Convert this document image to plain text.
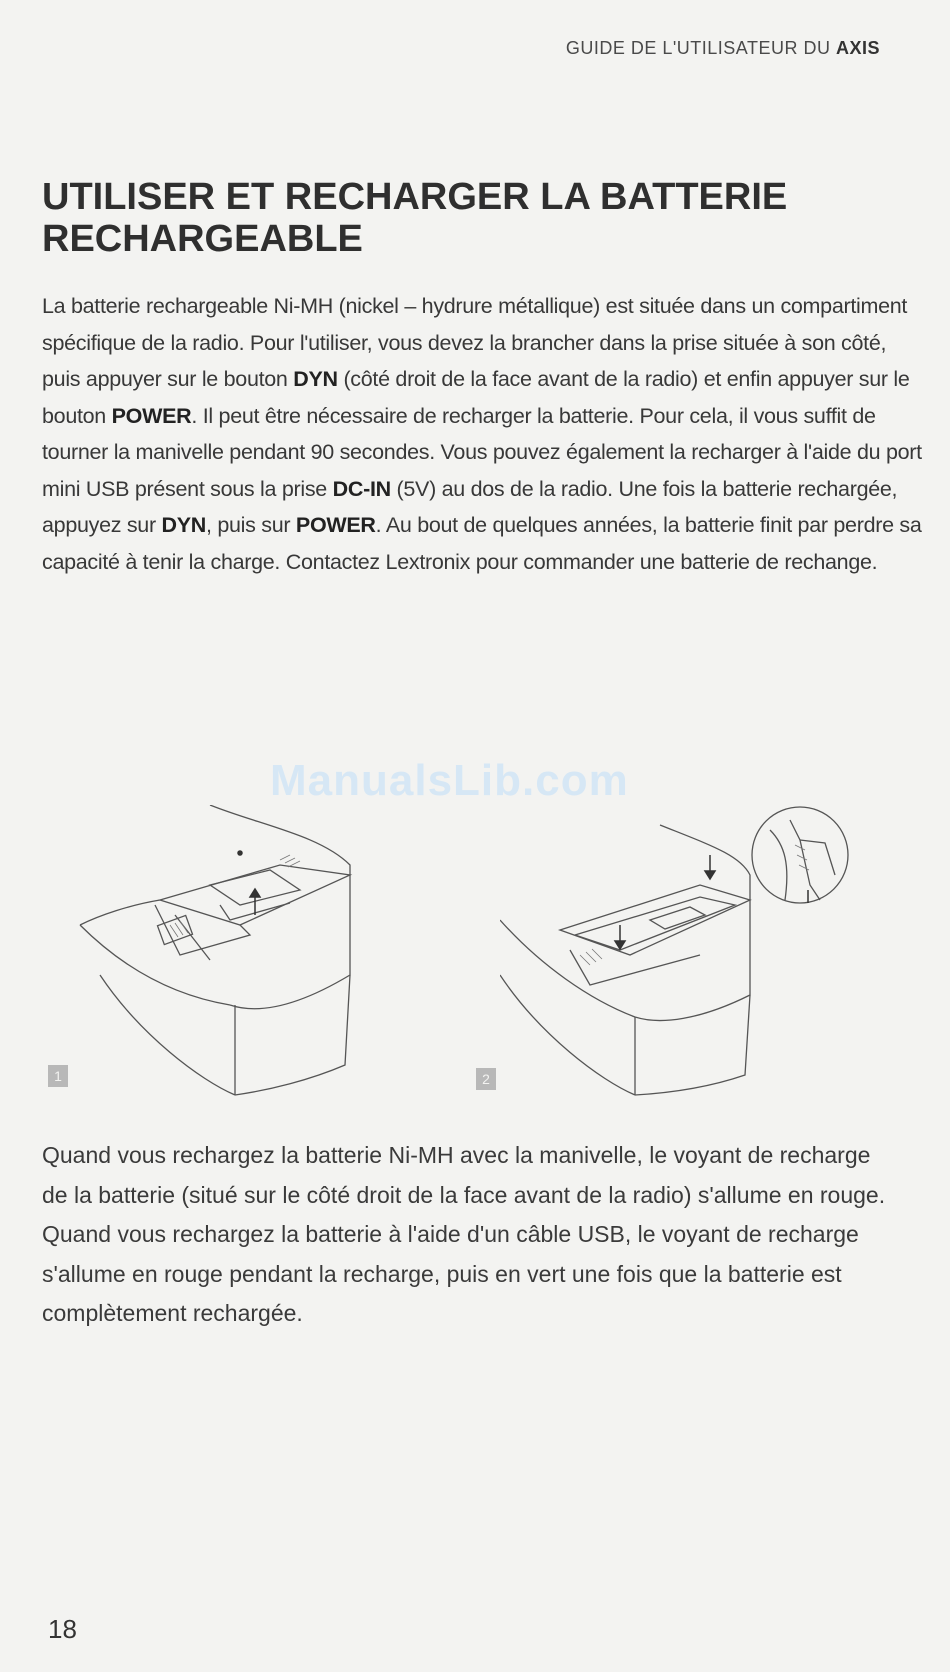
GUIDE DE L'UTILISATEUR DU AXIS
UTILISER ET RECHARGER LA BATTERIE RECHARGEABLE

La batterie rechargeable Ni-MH (nickel – hydrure métallique) est située dans un compartiment spécifique de la radio. Pour l'utiliser, vous devez la brancher dans la prise située à son côté, puis appuyer sur le bouton DYN (côté droit de la face avant de la radio) et enfin appuyer sur le bouton POWER. Il peut être nécessaire de recharger la batterie. Pour cela, il vous suffit de tourner la manivelle pendant 90 secondes. Vous pouvez également la recharger à l'aide du port mini USB présent sous la prise DC-IN (5V) au dos de la radio. Une fois la batterie rechargée, appuyez sur DYN, puis sur POWER. Au bout de quelques années, la batterie finit par perdre sa capacité à tenir la charge. Contactez Lextronix pour commander une batterie de rechange.

ManualsLib.com
1	2

Quand vous rechargez la batterie Ni-MH avec la manivelle, le voyant de recharge de la batterie (situé sur le côté droit de la face avant de la radio) s'allume en rouge. Quand vous rechargez la batterie à l'aide d'un câble USB, le voyant de recharge s'allume en rouge pendant la recharge, puis en vert une fois que la batterie est complètement rechargée.

18
